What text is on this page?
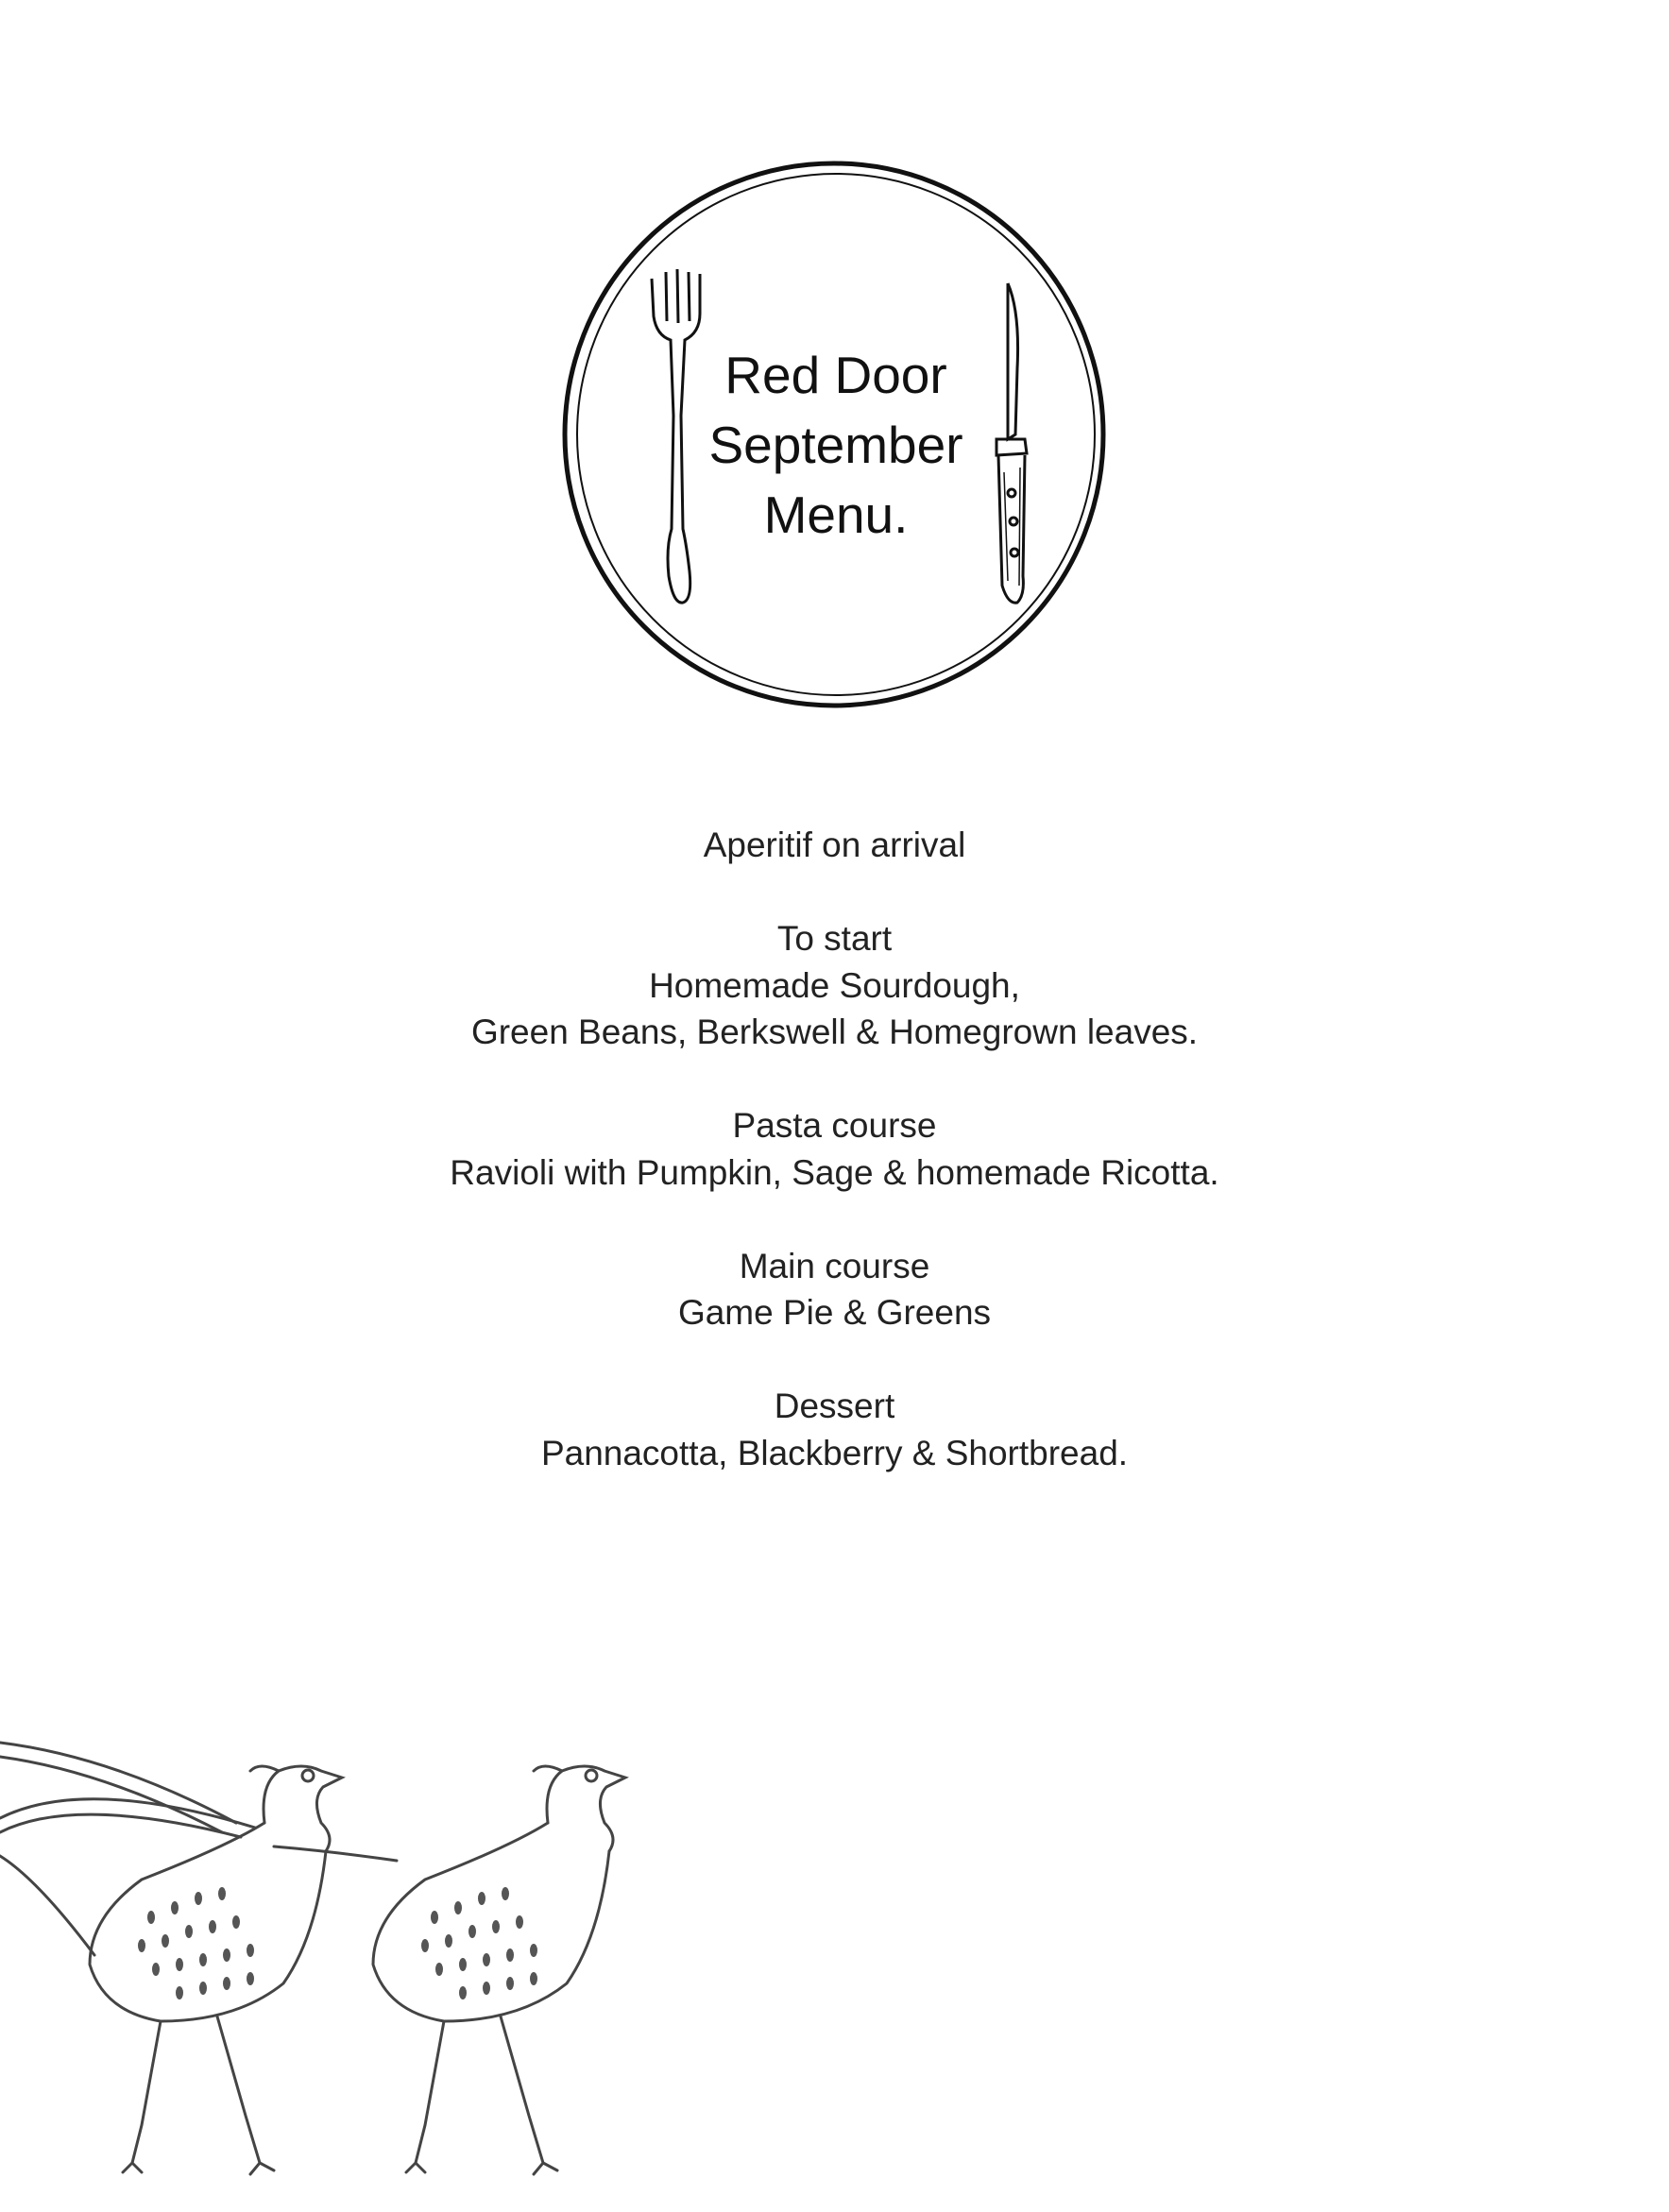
Red Door
September
Menu.
Aperitif on arrival
To start
Homemade Sourdough,
Green Beans, Berkswell & Homegrown leaves.
Pasta course
Ravioli with Pumpkin, Sage & homemade Ricotta.
Main course
Game Pie & Greens
Dessert
Pannacotta, Blackberry & Shortbread.
